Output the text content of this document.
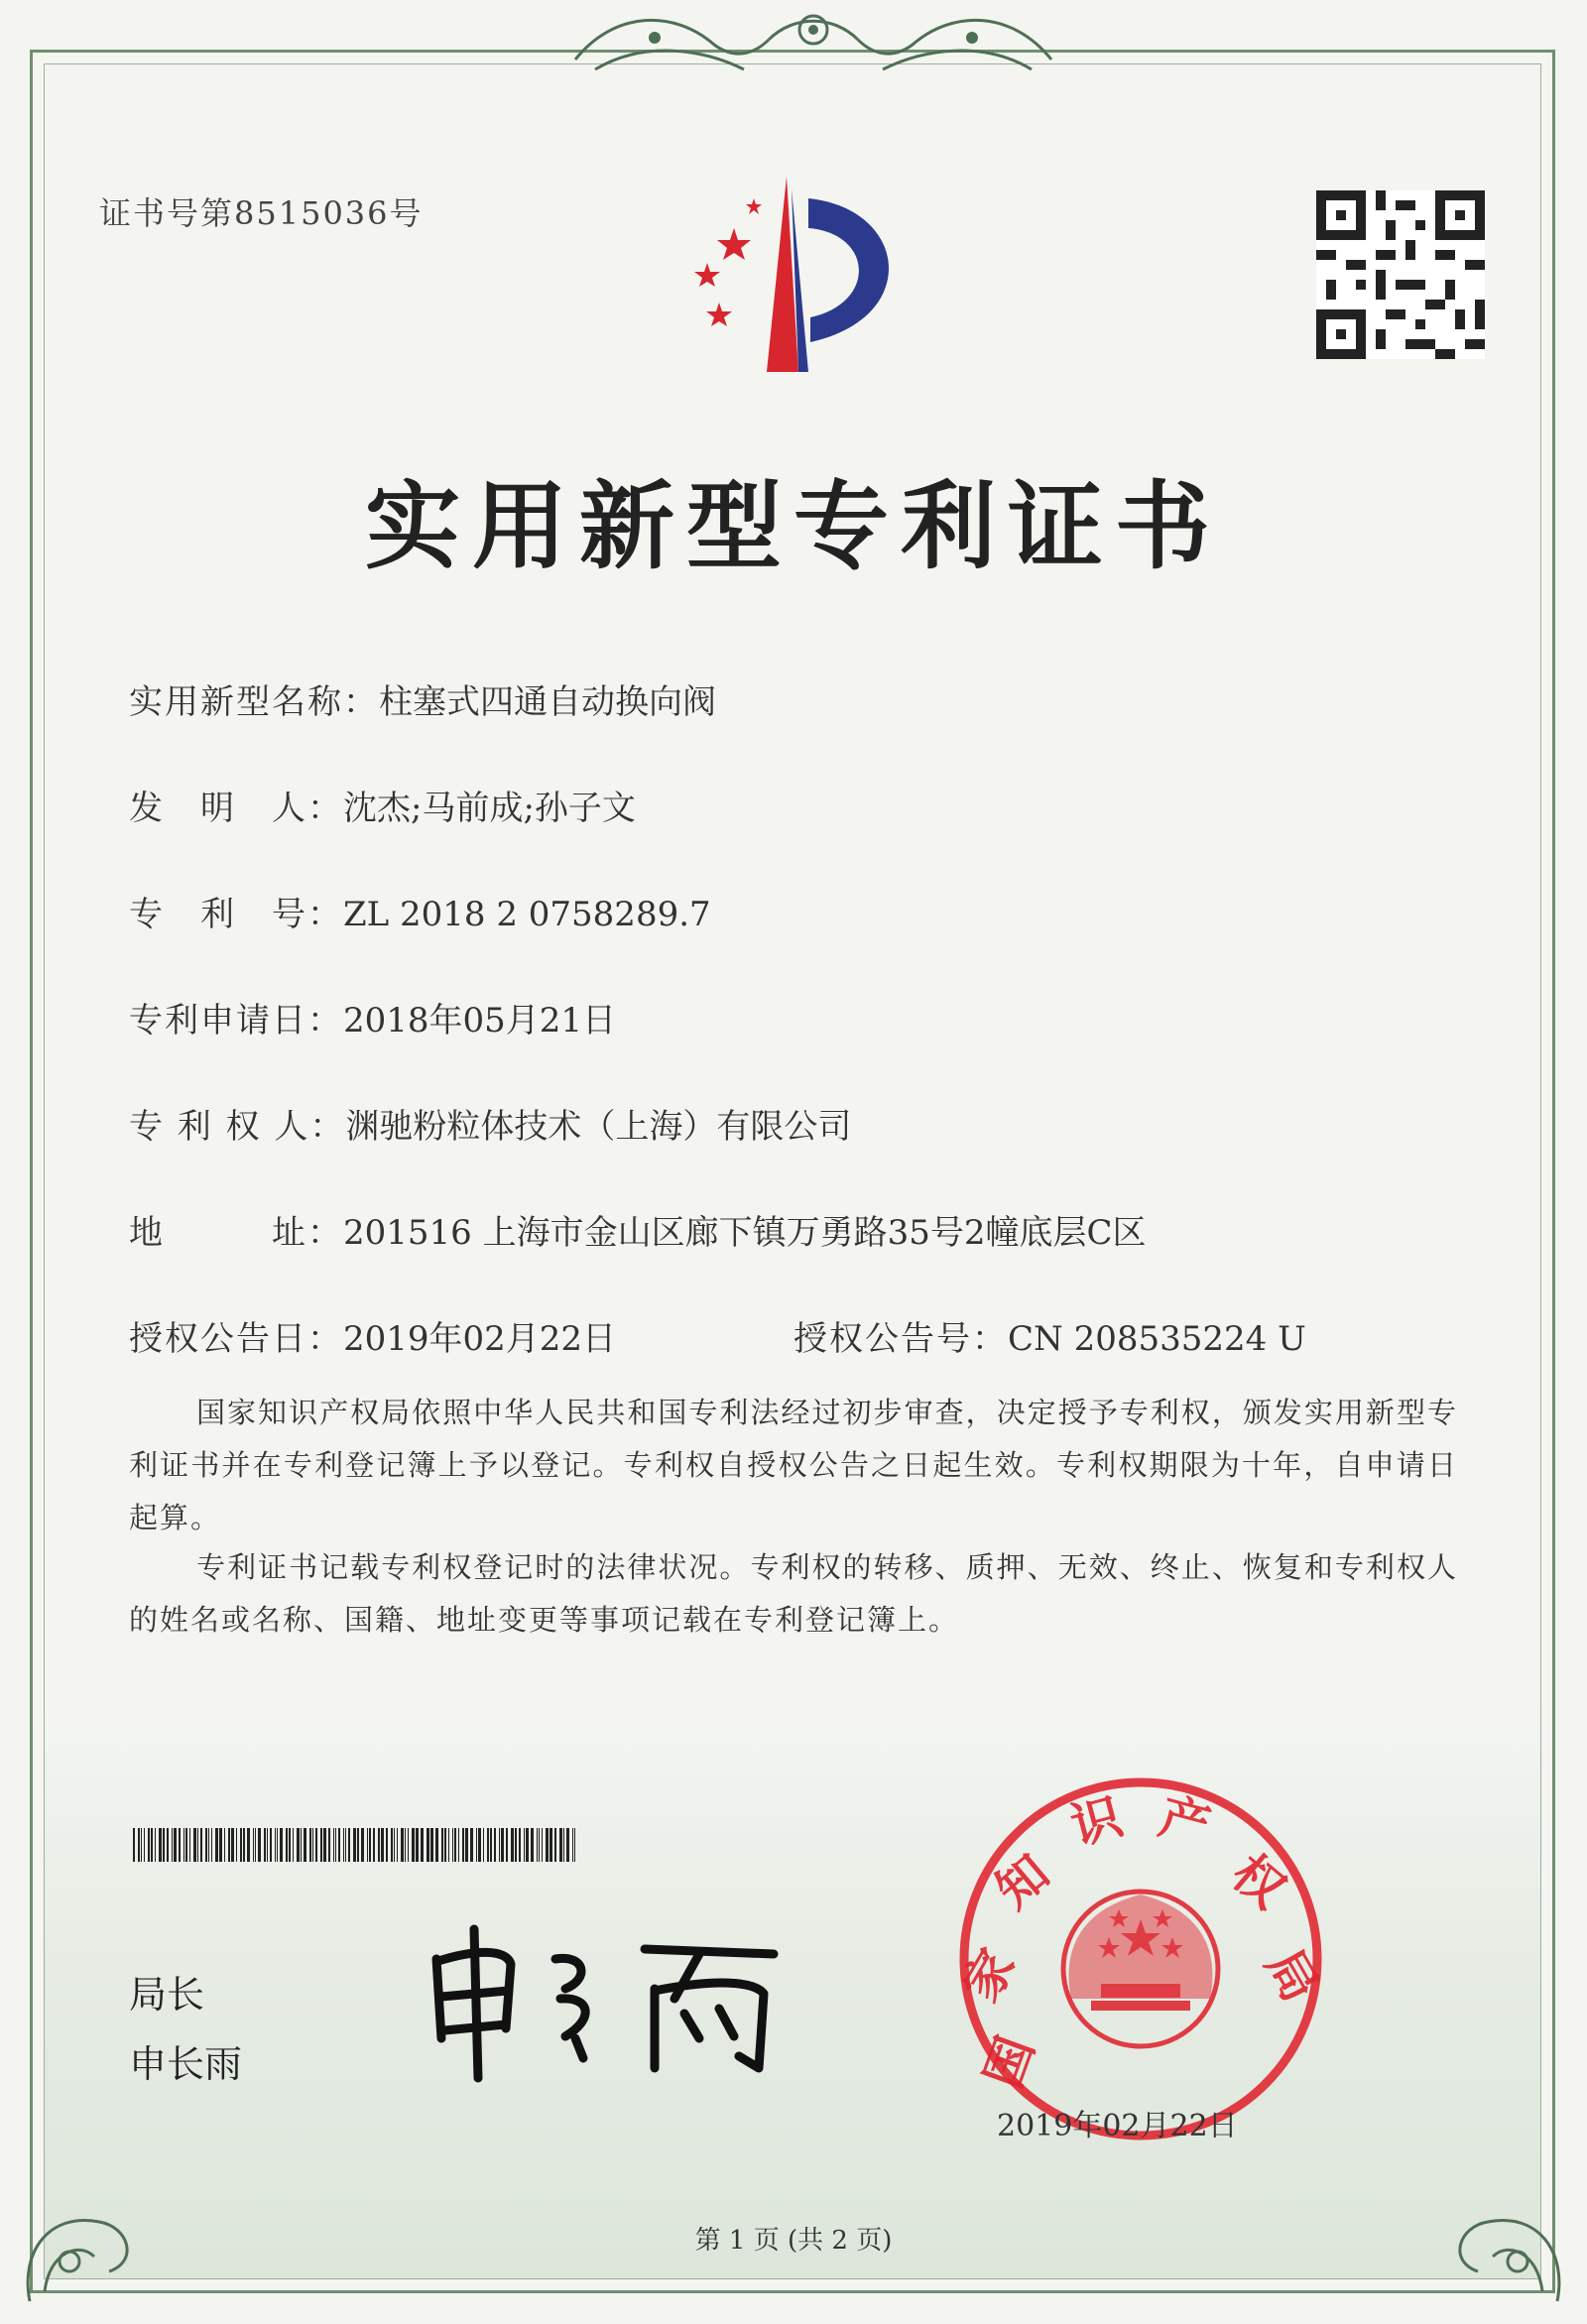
证书号第8515036号
实用新型专利证书
实用新型名称：柱塞式四通自动换向阀
发　明　人：沈杰;马前成;孙子文
专　利　号：ZL 2018 2 0758289.7
专利申请日：2018年05月21日
专 利 权 人：渊驰粉粒体技术（上海）有限公司
地　　　址：201516 上海市金山区廊下镇万勇路35号2幢底层C区
授权公告日：2019年02月22日	授权公告号：CN 208535224 U
国家知识产权局依照中华人民共和国专利法经过初步审查，决定授予专利权，颁发实用新型专利证书并在专利登记簿上予以登记。专利权自授权公告之日起生效。专利权期限为十年，自申请日起算。
专利证书记载专利权登记时的法律状况。专利权的转移、质押、无效、终止、恢复和专利权人的姓名或名称、国籍、地址变更等事项记载在专利登记簿上。
局长
申长雨	国
家
知
识 产
权
局
2019年02月22日
第 1 页 (共 2 页)
